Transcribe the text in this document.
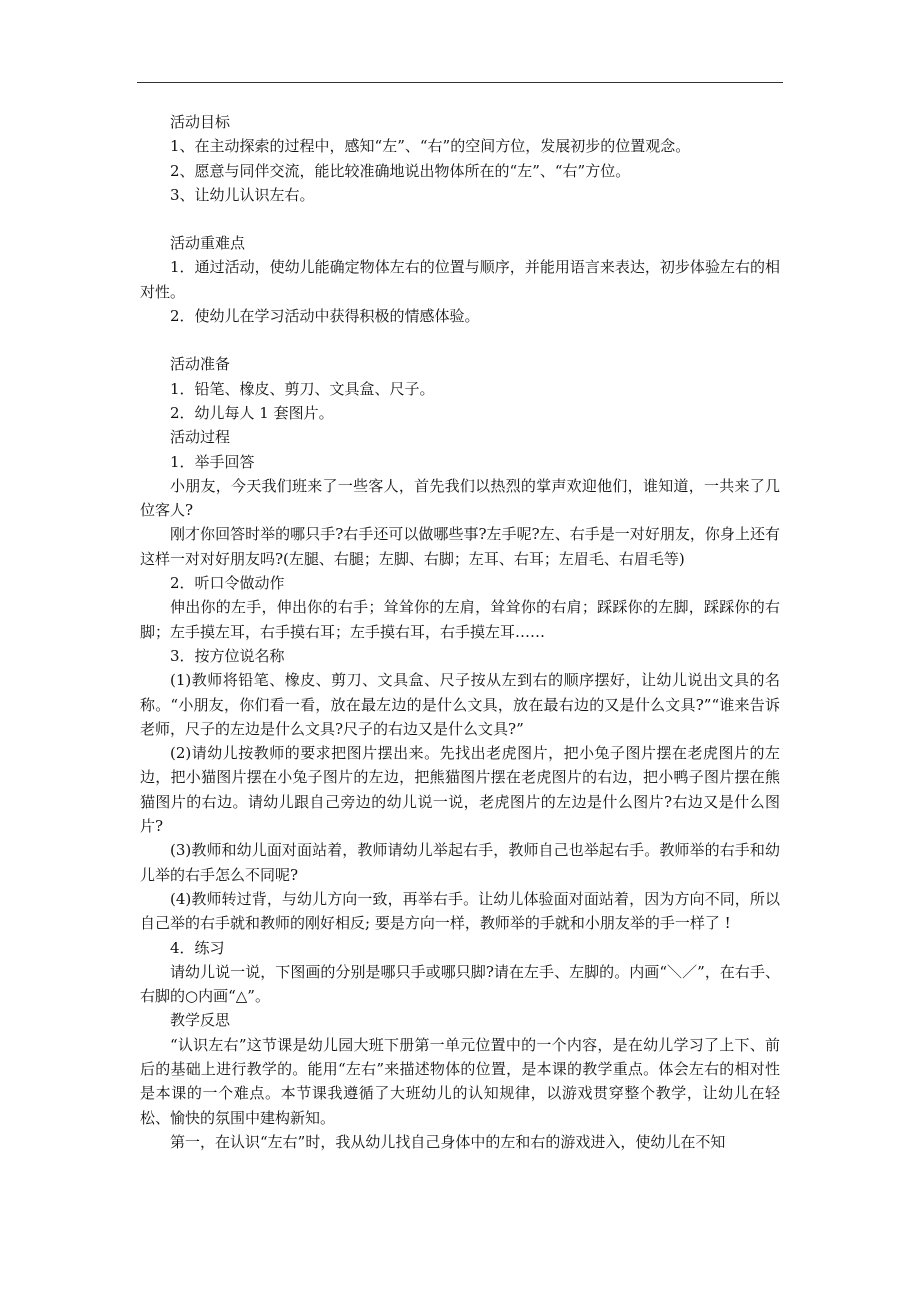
活动目标

1、在主动探索的过程中，感知“左”、“右”的空间方位，发展初步的位置观念。

2、愿意与同伴交流，能比较准确地说出物体所在的“左”、“右”方位。

3、让幼儿认识左右。

活动重难点

1．通过活动，使幼儿能确定物体左右的位置与顺序，并能用语言来表达，初步体验左右的相对性。

2．使幼儿在学习活动中获得积极的情感体验。

活动准备

1．铅笔、橡皮、剪刀、文具盒、尺子。

2．幼儿每人 1 套图片。

活动过程

1．举手回答

小朋友，今天我们班来了一些客人，首先我们以热烈的掌声欢迎他们，谁知道，一共来了几位客人?

刚才你回答时举的哪只手?右手还可以做哪些事?左手呢?左、右手是一对好朋友，你身上还有这样一对对好朋友吗?(左腿、右腿；左脚、右脚；左耳、右耳；左眉毛、右眉毛等)

2．听口令做动作

伸出你的左手，伸出你的右手；耸耸你的左肩，耸耸你的右肩；踩踩你的左脚，踩踩你的右脚；左手摸左耳，右手摸右耳；左手摸右耳，右手摸左耳……

3．按方位说名称

(1)教师将铅笔、橡皮、剪刀、文具盒、尺子按从左到右的顺序摆好，让幼儿说出文具的名称。“小朋友，你们看一看，放在最左边的是什么文具，放在最右边的又是什么文具?”“谁来告诉老师，尺子的左边是什么文具?尺子的右边又是什么文具?”

(2)请幼儿按教师的要求把图片摆出来。先找出老虎图片，把小兔子图片摆在老虎图片的左边，把小猫图片摆在小兔子图片的左边，把熊猫图片摆在老虎图片的右边，把小鸭子图片摆在熊猫图片的右边。请幼儿跟自己旁边的幼儿说一说，老虎图片的左边是什么图片?右边又是什么图片?

(3)教师和幼儿面对面站着，教师请幼儿举起右手，教师自己也举起右手。教师举的右手和幼儿举的右手怎么不同呢?

(4)教师转过背，与幼儿方向一致，再举右手。让幼儿体验面对面站着，因为方向不同，所以自己举的右手就和教师的刚好相反; 要是方向一样，教师举的手就和小朋友举的手一样了 !

4．练习

请幼儿说一说，下图画的分别是哪只手或哪只脚?请在左手、左脚的。内画“＼／”，在右手、右脚的○内画“△”。

教学反思

“认识左右”这节课是幼儿园大班下册第一单元位置中的一个内容，是在幼儿学习了上下、前后的基础上进行教学的。能用“左右”来描述物体的位置，是本课的教学重点。体会左右的相对性是本课的一个难点。本节课我遵循了大班幼儿的认知规律，以游戏贯穿整个教学，让幼儿在轻松、愉快的氛围中建构新知。

第一，在认识“左右”时，我从幼儿找自己身体中的左和右的游戏进入，使幼儿在不知
